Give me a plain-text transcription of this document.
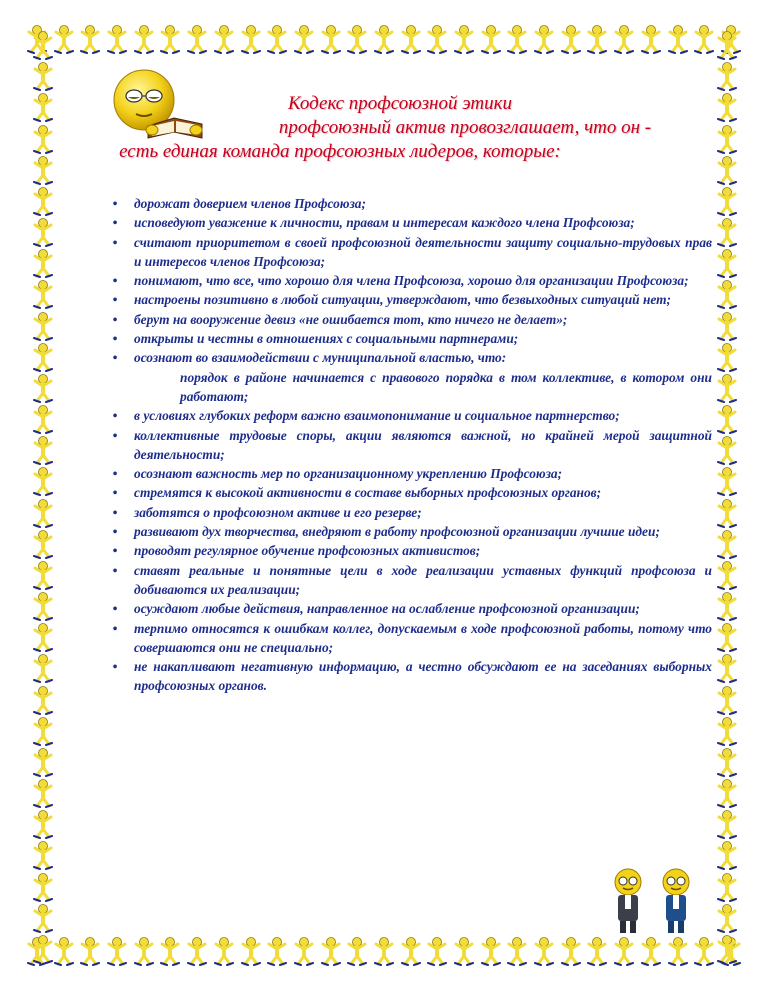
Кодекс профсоюзной этики
профсоюзный актив провозглашает, что он -
есть единая команда профсоюзных лидеров, которые:
• дорожат доверием членов Профсоюза;
• исповедуют уважение к личности, правам и интересам каждого члена Профсоюза;
• считают приоритетом в своей профсоюзной деятельности защиту социально-трудовых прав и интересов членов Профсоюза;
• понимают, что все, что хорошо для члена Профсоюза, хорошо для организации Профсоюза;
• настроены позитивно в любой ситуации, утверждают, что безвыходных ситуаций нет;
• берут на вооружение девиз «не ошибается тот, кто ничего не делает»;
• открыты и честны в отношениях с социальными партнерами;
• осознают во взаимодействии с муниципальной властью, что:
порядок в районе начинается с правового порядка в том коллективе, в котором они работают;
• в условиях глубоких реформ важно взаимопонимание и социальное партнерство;
• коллективные трудовые споры, акции являются важной, но крайней мерой защитной деятельности;
• осознают важность мер по организационному укреплению Профсоюза;
• стремятся к высокой активности в составе выборных профсоюзных органов;
• заботятся о профсоюзном активе и его резерве;
• развивают дух творчества, внедряют в работу профсоюзной организации лучшие идеи;
• проводят регулярное обучение профсоюзных активистов;
• ставят реальные и понятные цели в ходе реализации уставных функций профсоюза и добиваются их реализации;
• осуждают любые действия, направленное на ослабление профсоюзной организации;
• терпимо относятся к ошибкам коллег, допускаемым в ходе профсоюзной работы, потому что совершаются они не специально;
• не накапливают негативную информацию, а честно обсуждают ее на заседаниях выборных профсоюзных органов.
